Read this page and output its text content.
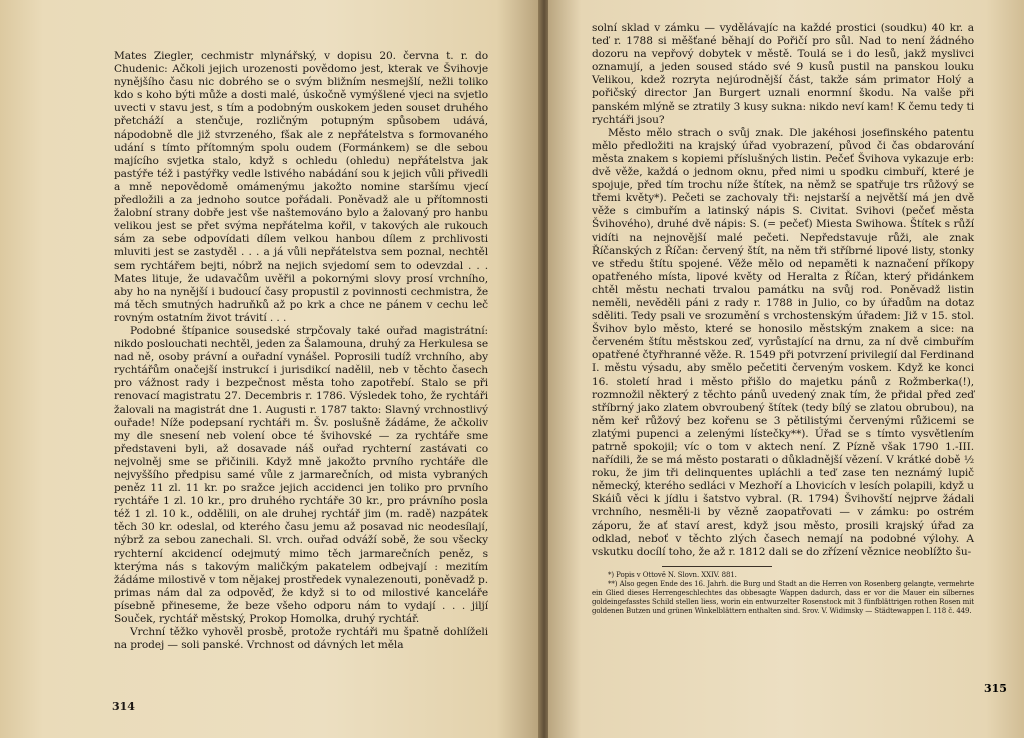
Mates Ziegler, cechmistr mlynářský, v dopisu 20. června t. r. do Chudenic: Ačkoli jejich urozenosti povědomo jest, kterak ve Švihovje nynějšího času nic dobrého se o svým bližním nesmejšlí, nežli toliko kdo s koho býti může a dosti malé, úskočně vymýšlené vjeci na svjetlo uvecti v stavu jest, s tím a podobným ouskokem jeden souset druhého přetcháží a stenčuje, rozličným potupným spůsobem udává, nápodobně dle již stvrzeného, fšak ale z nepřátelstva s formovaného udání s tímto přítomným spolu oudem (Formánkem) se dle sebou majícího svjetka stalo, když s ochledu (ohledu) nepřátelstva jak pastýře též i pastýřky vedle lstivého nabádání sou k jejich vůli přivedli a mně nepovědomě omámenýmu jakožto nomine staršímu vjecí předložili a za jednoho soutce pořádali. Poněvadž ale u přítomnosti žalobní strany dobře jest vše naštemováno bylo a žalovaný pro hanbu velikou jest se přet svýma nepřátelma kořil, v takových ale rukouch sám za sebe odpovídati dílem velkou hanbou dílem z prchlivosti mluviti jest se zastyděl . . . a já vůli nepřátelstva sem poznal, nechtěl sem rychtářem bejti, nóbrž na nejich svjedomí sem to odevzdal . . . Mates lituje, že udavačům uvěřil a pokornými slovy prosí vrchního, aby ho na nynější i budoucí časy propustil z povinnosti cechmistra, že má těch smutných hadruňků až po krk a chce ne pánem v cechu leč rovným ostatním život trávití . . .

Podobné štípanice sousedské strpčovaly také ouřad magistrátní: nikdo poslouchati nechtěl, jeden za Šalamouna, druhý za Herkulesa se nad ně, osoby právní a ouřadní vynášel. Poprosili tudíž vrchního, aby rychtářům onačejší instrukcí i jurisdikcí nadělil, neb v těchto časech pro vážnost rady i bezpečnost města toho zapotřebí. Stalo se při renovací magistratu 27. Decembris r. 1786. Výsledek toho, že rychtáři žalovali na magistrát dne 1. Augusti r. 1787 takto: Slavný vrchnostlivý ouřade! Níže podepsaní rychtáři m. Šv. poslušně žádáme, že ačkoliv my dle snesení neb volení obce té švihovské — za rychtáře sme představeni byli, až dosavade náš ouřad rychterní zastávati co nejvolněj sme se přičinili. Když mně jakožto prvního rychtáře dle nejvyššího předpisu samé vůle z jarmarečních, od mista vybraných peněz 11 zl. 11 kr. po sražce jejich accidenci jen toliko pro prvního rychtáře 1 zl. 10 kr., pro druhého rychtáře 30 kr., pro právního posla též 1 zl. 10 k., oddělili, on ale druhej rychtář jim (m. radě) nazpátek těch 30 kr. odeslal, od kterého času jemu až posavad nic neodesílají, nýbrž za sebou zanechali. Sl. vrch. ouřad odváží sobě, že sou všecky rychterní akcidencí odejmutý mimo těch jarmarečních peněz, s kterýma nás s takovým maličkým pakatelem odbejvají : mezitím žádáme milostivě v tom nějakej prostředek vynalezenouti, poněvadž p. primas nám dal za odpověď, že když si to od milostivé kanceláře písebně přineseme, že beze všeho odporu nám to vydají . . . jiljí Souček, rychtář městský, Prokop Homolka, druhý rychtář.

Vrchní těžko vyhověl prosbě, protože rychtáři mu špatně dohlíželi na prodej — soli panské. Vrchnost od dávných let měla

314

solní sklad v zámku — vydělávajíc na každé prostici (soudku) 40 kr. a teď r. 1788 si měšťané běhají do Pořičí pro sůl. Nad to není žádného dozoru na vepřový dobytek v městě. Toulá se i do lesů, jakž myslivci oznamují, a jeden soused stádo své 9 kusů pustil na panskou louku Velikou, kdež rozryta nejúrodnější část, takže sám primator Holý a pořičský director Jan Burgert uznali enormní škodu. Na valše při panském mlýně se ztratily 3 kusy sukna: nikdo neví kam! K čemu tedy ti rychtáři jsou?

Město mělo strach o svůj znak. Dle jakéhosi josefinského patentu mělo předložiti na krajský úřad vyobrazení, původ či čas obdarování města znakem s kopiemi příslušných listin. Pečeť Švihova vykazuje erb: dvě věže, každá o jednom oknu, před nimi u spodku cimbuří, které je spojuje, před tím trochu níže štítek, na němž se spatřuje trs růžový se třemi květy*). Pečeti se zachovaly tři: nejstarší a největší má jen dvě věže s cimbuřím a latinský nápis S. Civitat. Svihovi (pečeť města Švihového), druhé dvě nápis: S. (= pečeť) Miesta Swihowa. Štítek s růží vidíti na nejnovější malé pečeti. Nepředstavuje růži, ale znak Říčanských z Říčan: červený štít, na něm tři stříbrné lipové listy, stonky ve středu štítu spojené. Věže mělo od nepaměti k naznačení příkopy opatřeného místa, lipové květy od Heralta z Říčan, který přidánkem chtěl městu nechati trvalou památku na svůj rod. Poněvadž listin neměli, nevěděli páni z rady r. 1788 in Julio, co by úřadům na dotaz sděliti. Tedy psali ve srozumění s vrchostenským úřadem: Již v 15. stol. Švihov bylo město, které se honosilo městským znakem a sice: na červeném štítu městskou zeď, vyrůstající na drnu, za ní dvě cimbuřím opatřené čtyřhranné věže. R. 1549 při potvrzení privilegií dal Ferdinand I. městu výsadu, aby smělo pečetiti červeným voskem. Když ke konci 16. století hrad i město přišlo do majetku pánů z Rožmberka(!), rozmnožil některý z těchto pánů uvedený znak tím, že přidal před zeď stříbrný jako zlatem obvroubený štítek (tedy bílý se zlatou obrubou), na něm keř růžový bez kořenu se 3 pětilistými červenými růžicemi se zlatými pupenci a zelenými lístečky**). Úřad se s tímto vysvětlením patrně spokojil; víc o tom v aktech není. Z Pízně však 1790 1.-III. nařídili, že se má město postarati o důkladnější vězení. V krátké době ½ roku, že jim tři delinquentes upláchli a teď zase ten neznámý lupič německý, kterého sedláci v Mezhoří a Lhovicích v lesích polapili, když u Skáiů věci k jídlu i šatstvo vybral. (R. 1794) Švihovští nejprve žádali vrchního, nesměli-li by vězně zaopatřovati — v zámku: po ostrém záporu, že ať staví arest, když jsou město, prosili krajský úřad za odklad, neboť v těchto zlých časech nemají na podobné výlohy. A vskutku docílí toho, že až r. 1812 dali se do zřízení věznice neoblížto šu-

*) Popis v Ottově N. Slovn. XXIV. 881.

**) Also gegen Ende des 16. Jahrh. die Burg und Stadt an die Herren von Rosenberg gelangte, vermehrte ein Glied dieses Herrengeschlechtes das obbesagte Wappen dadurch, dass er vor die Mauer ein silbernes goldeingefasstes Schild stellen liess, worin ein entwurzelter Rosenstock mit 3 fünfblättrigen rothen Rosen mit goldenen Butzen und grünen Winkelblättern enthalten sind. Srov. V. Widimsky — Städtewappen I. 118 č. 449.

315
